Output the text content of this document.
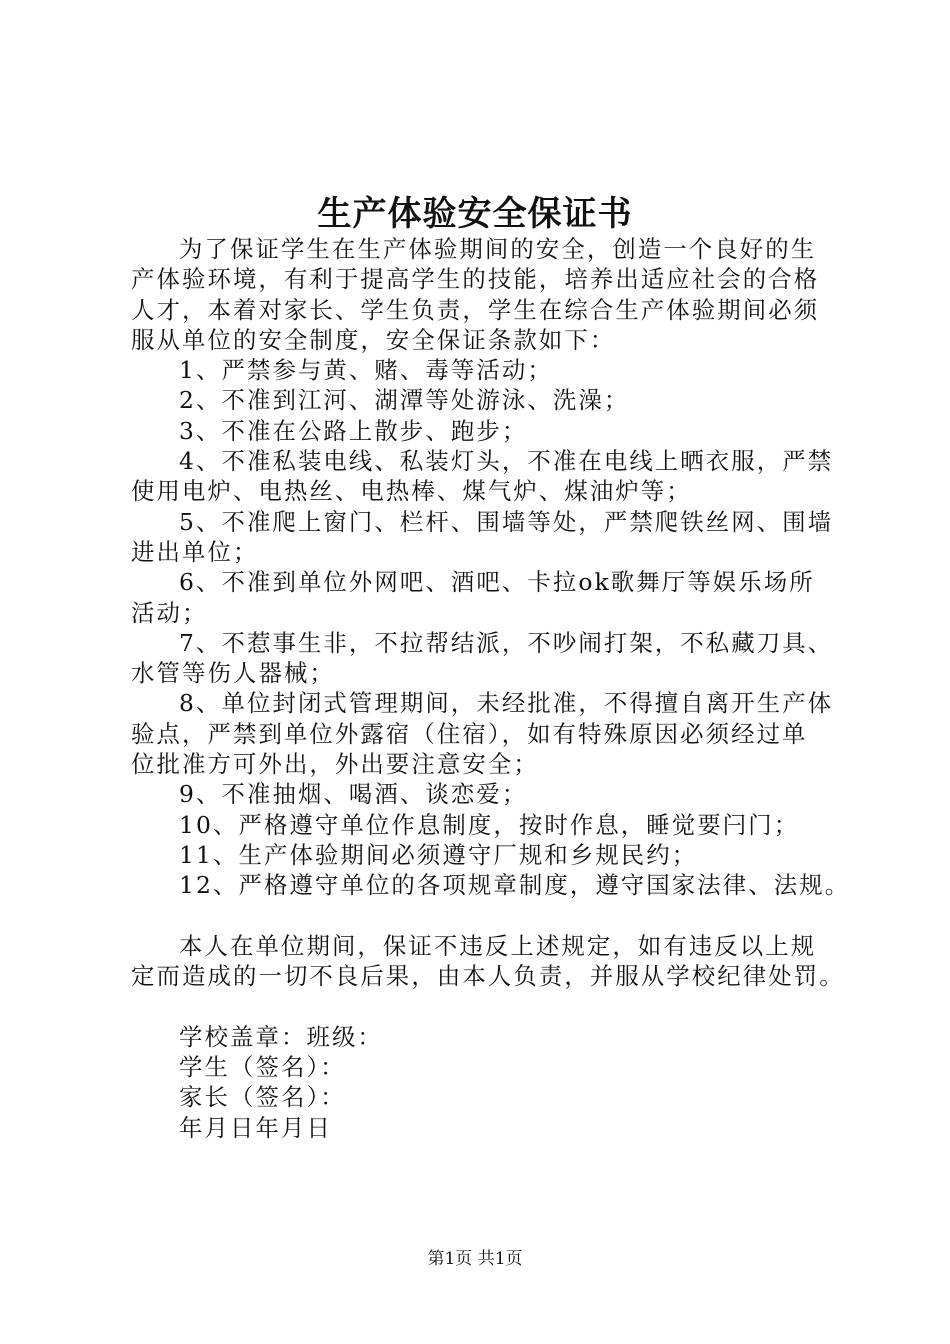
生产体验安全保证书
为了保证学生在生产体验期间的安全，创造一个良好的生
产体验环境，有利于提高学生的技能，培养出适应社会的合格
人才，本着对家长、学生负责，学生在综合生产体验期间必须
服从单位的安全制度，安全保证条款如下：
1、严禁参与黄、赌、毒等活动；
2、不准到江河、湖潭等处游泳、洗澡；
3、不准在公路上散步、跑步；
4、不准私装电线、私装灯头，不准在电线上晒衣服，严禁
使用电炉、电热丝、电热棒、煤气炉、煤油炉等；
5、不准爬上窗门、栏杆、围墙等处，严禁爬铁丝网、围墙
进出单位；
6、不准到单位外网吧、酒吧、卡拉ok歌舞厅等娱乐场所
活动；
7、不惹事生非，不拉帮结派，不吵闹打架，不私藏刀具、
水管等伤人器械；
8、单位封闭式管理期间，未经批准，不得擅自离开生产体
验点，严禁到单位外露宿（住宿），如有特殊原因必须经过单
位批准方可外出，外出要注意安全；
9、不准抽烟、喝酒、谈恋爱；
10、严格遵守单位作息制度，按时作息，睡觉要闩门；
11、生产体验期间必须遵守厂规和乡规民约；
12、严格遵守单位的各项规章制度，遵守国家法律、法规。
本人在单位期间，保证不违反上述规定，如有违反以上规
定而造成的一切不良后果，由本人负责，并服从学校纪律处罚。
学校盖章：班级：
学生（签名）：
家长（签名）：
年月日年月日
第1页 共1页
